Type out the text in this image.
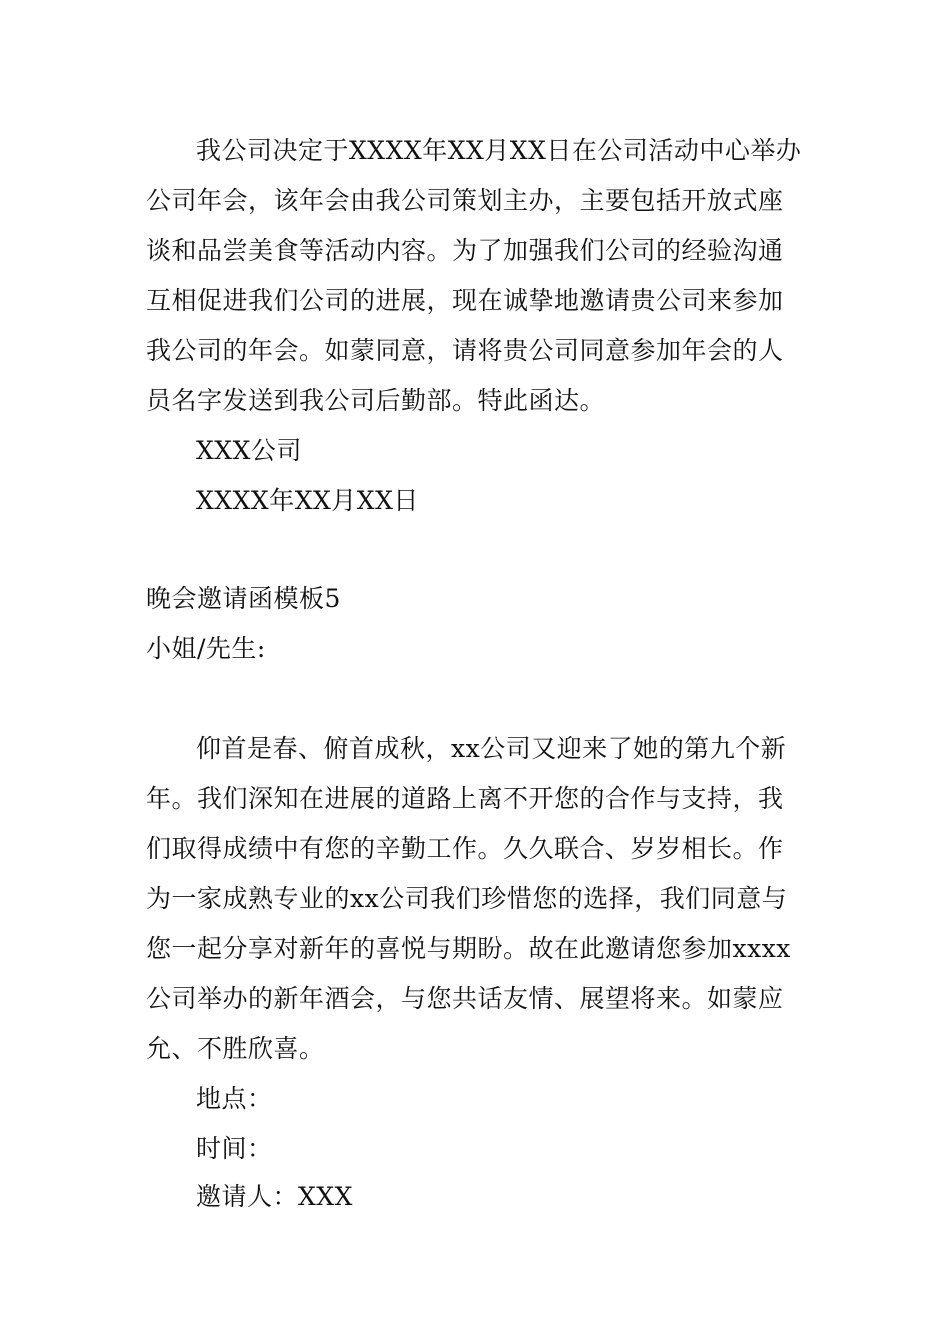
我公司决定于XXXX年XX月XX日在公司活动中心举办
公司年会，该年会由我公司策划主办，主要包括开放式座
谈和品尝美食等活动内容。为了加强我们公司的经验沟通
互相促进我们公司的进展，现在诚挚地邀请贵公司来参加
我公司的年会。如蒙同意，请将贵公司同意参加年会的人
员名字发送到我公司后勤部。特此函达。
XXX公司
XXXX年XX月XX日
晚会邀请函模板5
小姐/先生:
仰首是春、俯首成秋，xx公司又迎来了她的第九个新
年。我们深知在进展的道路上离不开您的合作与支持，我
们取得成绩中有您的辛勤工作。久久联合、岁岁相长。作
为一家成熟专业的xx公司我们珍惜您的选择，我们同意与
您一起分享对新年的喜悦与期盼。故在此邀请您参加xxxx
公司举办的新年酒会，与您共话友情、展望将来。如蒙应
允、不胜欣喜。
地点：
时间：
邀请人：XXX
